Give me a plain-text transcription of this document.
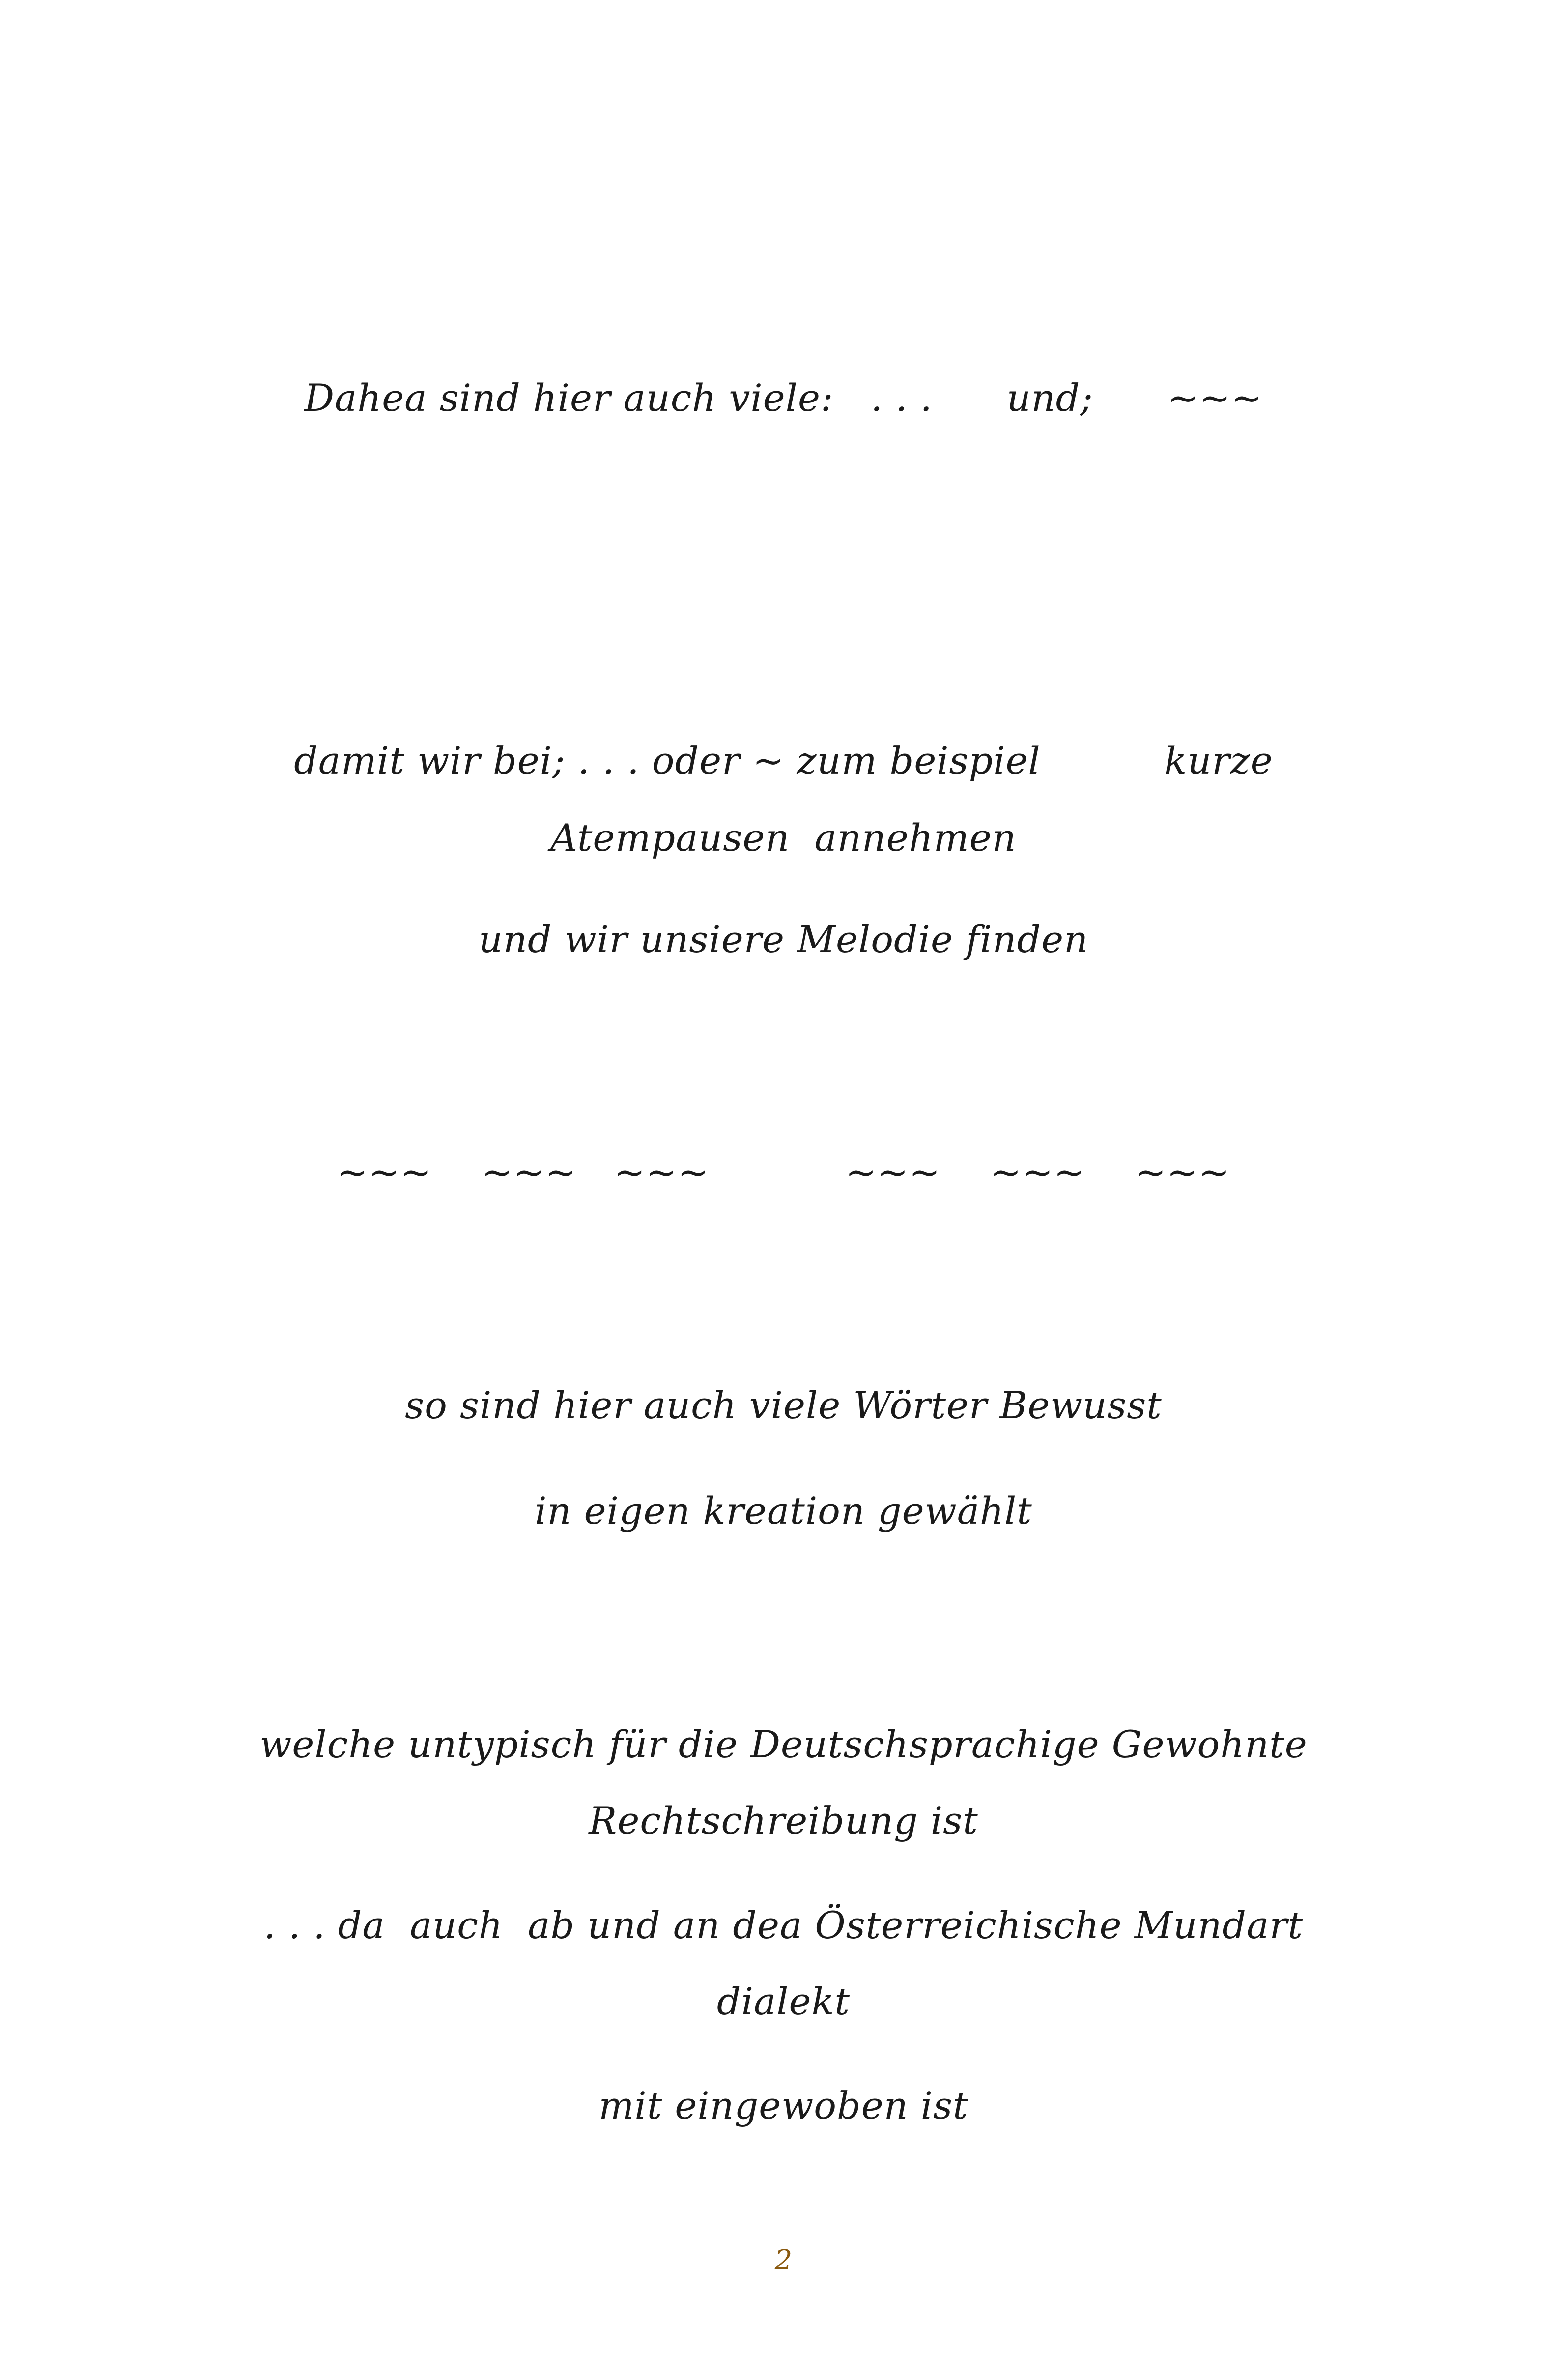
Dahea sind hier auch viele:   . . .      und;      ~~~
damit wir bei; . . . oder ~ zum beispiel          kurze
Atempausen  annehmen
und wir unsiere Melodie finden
~~~    ~~~   ~~~           ~~~    ~~~    ~~~
so sind hier auch viele Wörter Bewusst
in eigen kreation gewählt
welche untypisch für die Deutschsprachige Gewohnte
Rechtschreibung ist
. . . da  auch  ab und an dea Österreichische Mundart
dialekt
mit eingewoben ist
2
